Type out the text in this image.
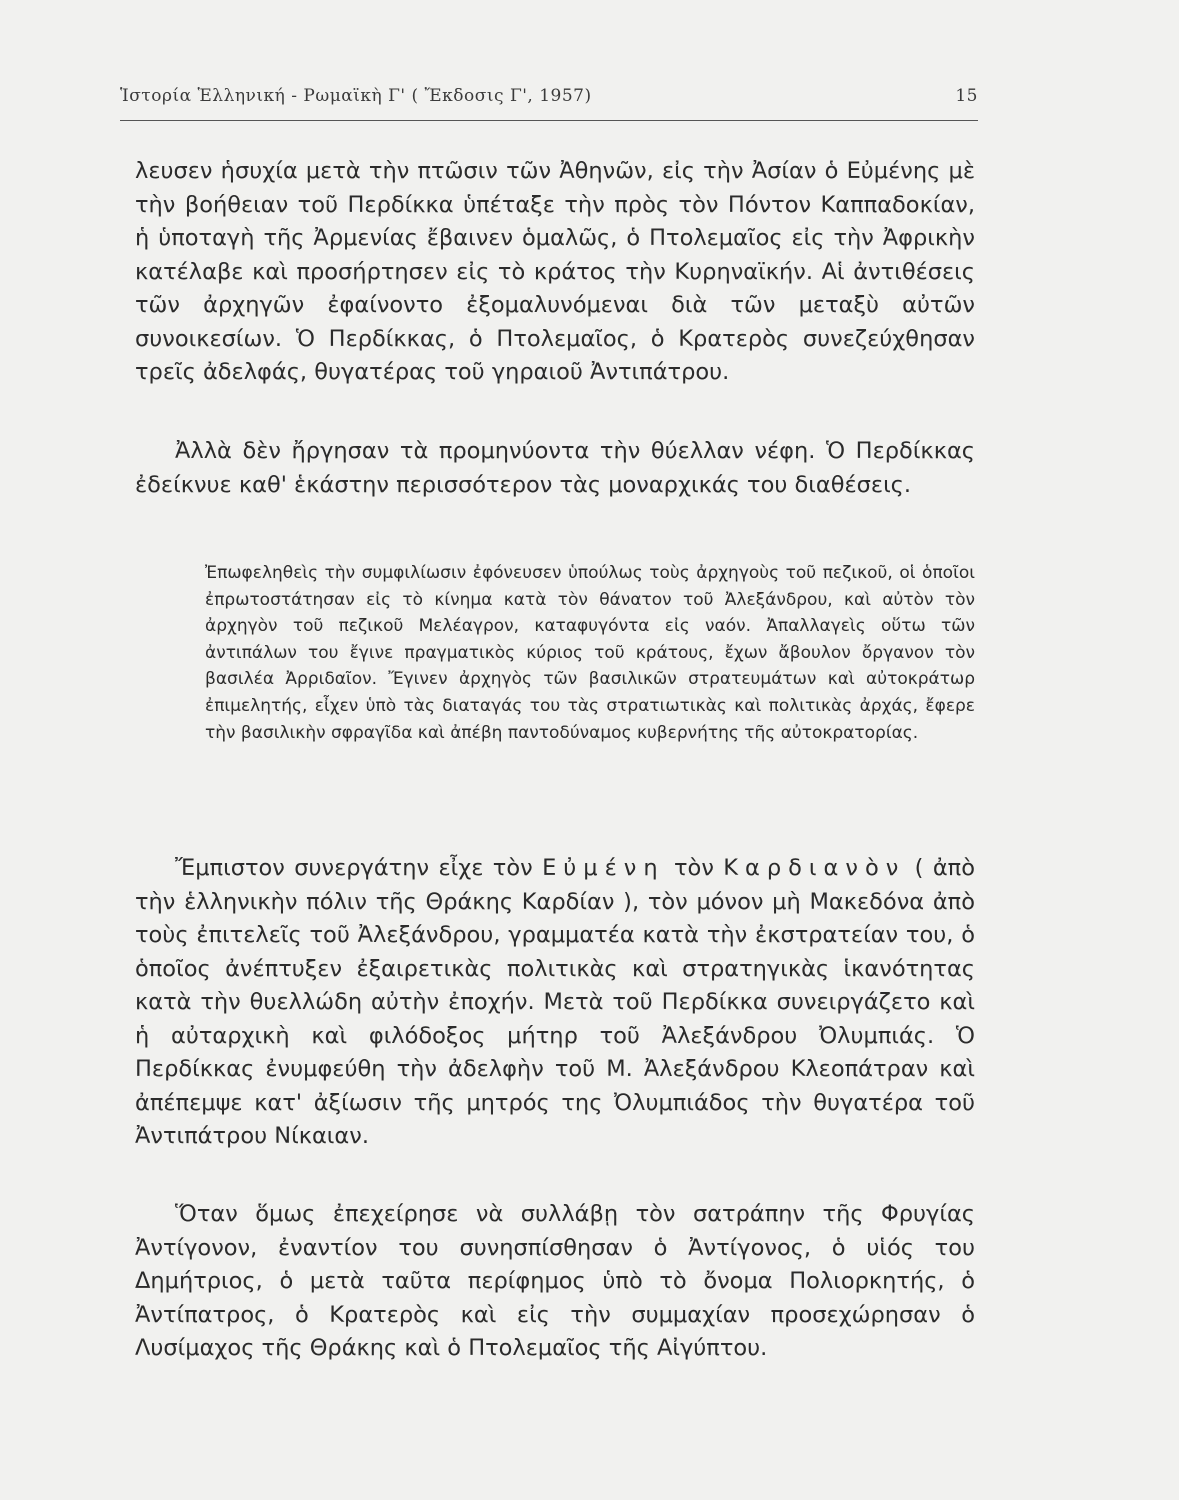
Ἱστορία Ἑλληνική - Ρωμαϊκὴ Γ' ( Ἔκδοσις Γ', 1957)	15

λευσεν ἡσυχία μετὰ τὴν πτῶσιν τῶν Ἀθηνῶν, εἰς τὴν Ἀσίαν ὁ Εὐμένης μὲ τὴν βοήθειαν τοῦ Περδίκκα ὑπέταξε τὴν πρὸς τὸν Πόντον Καππαδοκίαν, ἡ ὑποταγὴ τῆς Ἀρμενίας ἔβαινεν ὁμαλῶς, ὁ Πτολεμαῖος εἰς τὴν Ἀφρικὴν κατέλαβε καὶ προσήρτησεν εἰς τὸ κράτος τὴν Κυρηναϊκήν. Αἱ ἀντιθέσεις τῶν ἀρχηγῶν ἐφαίνοντο ἐξομαλυνόμεναι διὰ τῶν μεταξὺ αὐτῶν συνοικεσίων. Ὁ Περδίκκας, ὁ Πτολεμαῖος, ὁ Κρατερὸς συνεζεύχθησαν τρεῖς ἀδελφάς, θυγατέρας τοῦ γηραιοῦ Ἀντιπάτρου.

Ἀλλὰ δὲν ἤργησαν τὰ προμηνύοντα τὴν θύελλαν νέφη. Ὁ Περδίκκας ἐδείκνυε καθ' ἑκάστην περισσότερον τὰς μοναρχικάς του διαθέσεις.

Ἐπωφεληθεὶς τὴν συμφιλίωσιν ἐφόνευσεν ὑπούλως τοὺς ἀρχηγοὺς τοῦ πεζικοῦ, οἱ ὁποῖοι ἐπρωτοστάτησαν εἰς τὸ κίνημα κατὰ τὸν θάνατον τοῦ Ἀλεξάνδρου, καὶ αὐτὸν τὸν ἀρχηγὸν τοῦ πεζικοῦ Μελέαγρον, καταφυγόντα εἰς ναόν. Ἀπαλλαγεὶς οὕτω τῶν ἀντιπάλων του ἔγινε πραγματικὸς κύριος τοῦ κράτους, ἔχων ἄβουλον ὄργανον τὸν βασιλέα Ἀρριδαῖον. Ἔγινεν ἀρχηγὸς τῶν βασιλικῶν στρατευμάτων καὶ αὐτοκράτωρ ἐπιμελητής, εἶχεν ὑπὸ τὰς διαταγάς του τὰς στρατιωτικὰς καὶ πολιτικὰς ἀρχάς, ἔφερε τὴν βασιλικὴν σφραγῖδα καὶ ἀπέβη παντοδύναμος κυβερνήτης τῆς αὐτοκρατορίας.

Ἔμπιστον συνεργάτην εἶχε τὸν Εὐμένη τὸν Καρδιανὸν ( ἀπὸ τὴν ἑλληνικὴν πόλιν τῆς Θράκης Καρδίαν ), τὸν μόνον μὴ Μακεδόνα ἀπὸ τοὺς ἐπιτελεῖς τοῦ Ἀλεξάνδρου, γραμματέα κατὰ τὴν ἐκστρατείαν του, ὁ ὁποῖος ἀνέπτυξεν ἐξαιρετικὰς πολιτικὰς καὶ στρατηγικὰς ἱκανότητας κατὰ τὴν θυελλώδη αὐτὴν ἐποχήν. Μετὰ τοῦ Περδίκκα συνειργάζετο καὶ ἡ αὐταρχικὴ καὶ φιλόδοξος μήτηρ τοῦ Ἀλεξάνδρου Ὀλυμπιάς. Ὁ Περδίκκας ἐνυμφεύθη τὴν ἀδελφὴν τοῦ Μ. Ἀλεξάνδρου Κλεοπάτραν καὶ ἀπέπεμψε κατ' ἀξίωσιν τῆς μητρός της Ὀλυμπιάδος τὴν θυγατέρα τοῦ Ἀντιπάτρου Νίκαιαν.

Ὅταν ὅμως ἐπεχείρησε νὰ συλλάβῃ τὸν σατράπην τῆς Φρυγίας Ἀντίγονον, ἐναντίον του συνησπίσθησαν ὁ Ἀντίγονος, ὁ υἱός του Δημήτριος, ὁ μετὰ ταῦτα περίφημος ὑπὸ τὸ ὄνομα Πολιορκητής, ὁ Ἀντίπατρος, ὁ Κρατερὸς καὶ εἰς τὴν συμμαχίαν προσεχώρησαν ὁ Λυσίμαχος τῆς Θράκης καὶ ὁ Πτολεμαῖος τῆς Αἰγύπτου.
